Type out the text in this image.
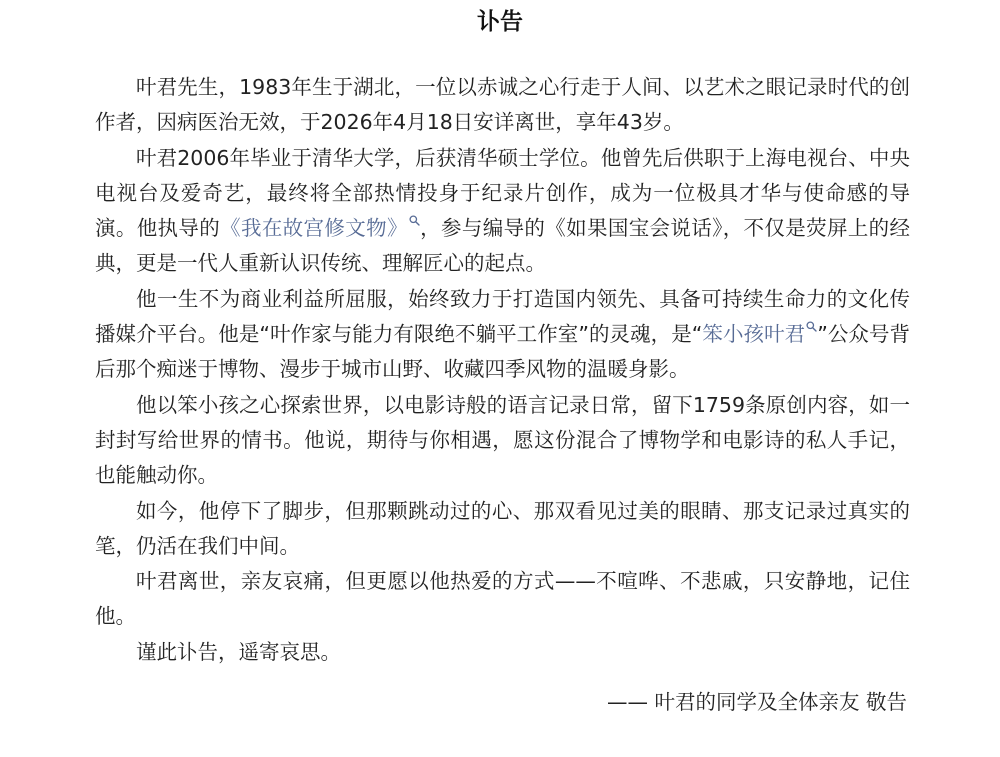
讣告

叶君先生，1983年生于湖北，一位以赤诚之心行走于人间、以艺术之眼记录时代的创作者，因病医治无效，于2026年4月18日安详离世，享年43岁。

叶君2006年毕业于清华大学，后获清华硕士学位。他曾先后供职于上海电视台、中央电视台及爱奇艺，最终将全部热情投身于纪录片创作，成为一位极具才华与使命感的导演。他执导的《我在故宫修文物》 ，参与编导的《如果国宝会说话》，不仅是荧屏上的经典，更是一代人重新认识传统、理解匠心的起点。

他一生不为商业利益所屈服，始终致力于打造国内领先、具备可持续生命力的文化传播媒介平台。他是“叶作家与能力有限绝不躺平工作室”的灵魂，是“笨小孩叶君 ”公众号背后那个痴迷于博物、漫步于城市山野、收藏四季风物的温暖身影。

他以笨小孩之心探索世界，以电影诗般的语言记录日常，留下1759条原创内容，如一封封写给世界的情书。他说，期待与你相遇，愿这份混合了博物学和电影诗的私人手记，也能触动你。

如今，他停下了脚步，但那颗跳动过的心、那双看见过美的眼睛、那支记录过真实的笔，仍活在我们中间。

叶君离世，亲友哀痛，但更愿以他热爱的方式——不喧哗、不悲戚，只安静地，记住他。

谨此讣告，遥寄哀思。

—— 叶君的同学及全体亲友 敬告
